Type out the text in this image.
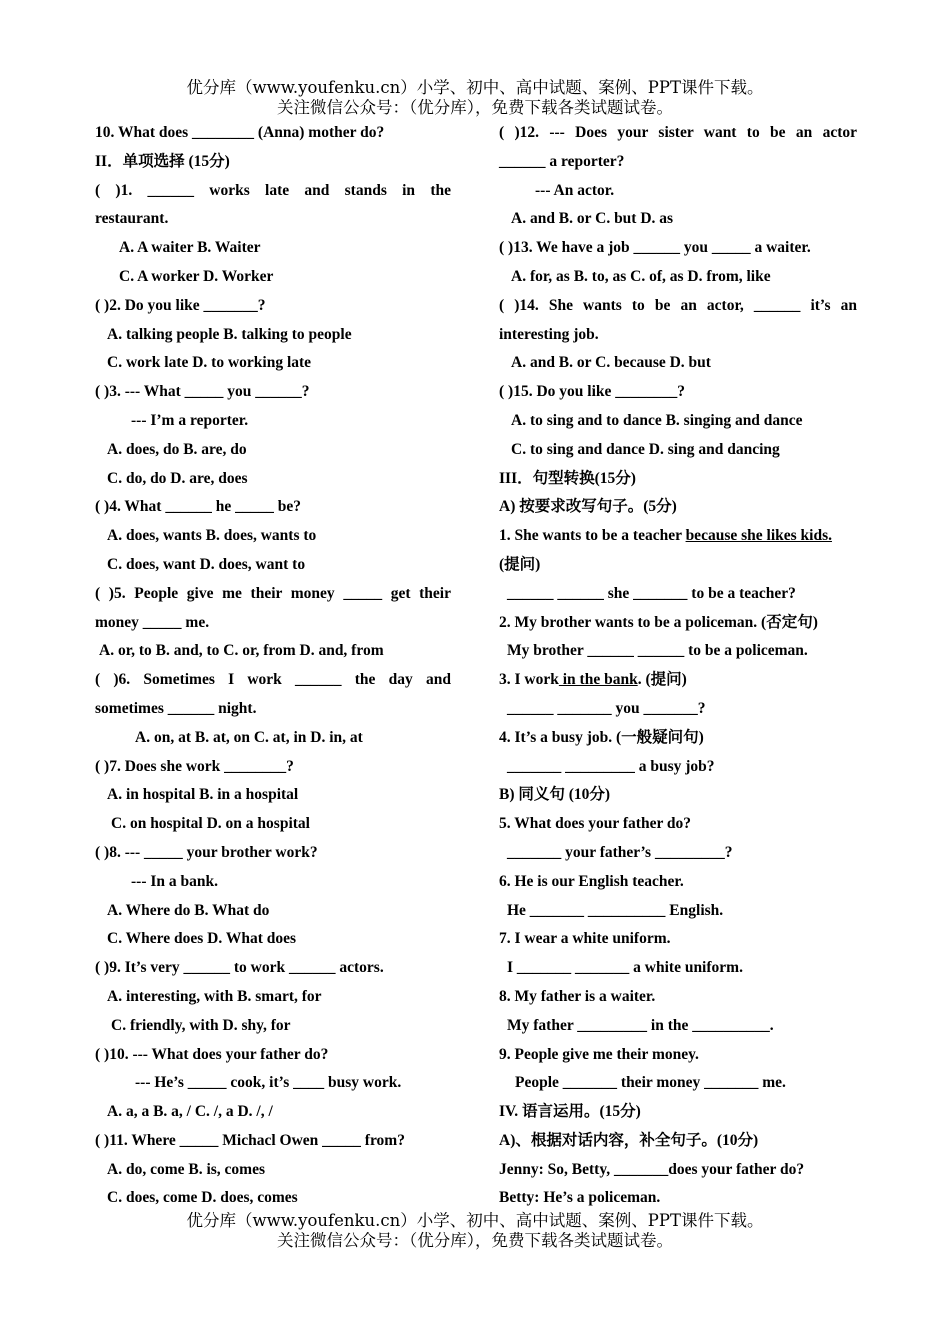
优分库（www.youfenku.cn）小学、初中、高中试题、案例、PPT课件下载。
关注微信公众号：（优分库），免费下载各类试题试卷。
10. What does ________ (Anna) mother do?
II．单项选择 (15分)
( )1. ______ works late and stands in the
restaurant.
A. A waiter B. Waiter
C. A worker D. Worker
( )2. Do you like _______?
A. talking people B. talking to people
C. work late D. to working late
( )3. --- What _____ you ______?
--- I’m a reporter.
A. does, do B. are, do
C. do, do D. are, does
( )4. What ______ he _____ be?
A. does, wants B. does, wants to
C. does, want D. does, want to
( )5. People give me their money _____ get their
money _____ me.
A. or, to B. and, to C. or, from D. and, from
( )6. Sometimes I work ______ the day and
sometimes ______ night.
A. on, at B. at, on C. at, in D. in, at
( )7. Does she work ________?
A. in hospital B. in a hospital
C. on hospital D. on a hospital
( )8. --- _____ your brother work?
--- In a bank.
A. Where do B. What do
C. Where does D. What does
( )9. It’s very ______ to work ______ actors.
A. interesting, with B. smart, for
C. friendly, with D. shy, for
( )10. --- What does your father do?
--- He’s _____ cook, it’s ____ busy work.
A. a, a B. a, / C. /, a D. /, /
( )11. Where _____ Michacl Owen _____ from?
A. do, come B. is, comes
C. does, come D. does, comes
( )12. --- Does your sister want to be an actor
______ a reporter?
--- An actor.
A. and B. or C. but D. as
( )13. We have a job ______ you _____ a waiter.
A. for, as B. to, as C. of, as D. from, like
( )14. She wants to be an actor, ______ it’s an
interesting job.
A. and B. or C. because D. but
( )15. Do you like ________?
A. to sing and to dance B. singing and dance
C. to sing and dance D. sing and dancing
III．句型转换(15分)
A) 按要求改写句子。(5分)
1. She wants to be a teacher because she likes kids.
(提问)
______ ______ she _______ to be a teacher?
2. My brother wants to be a policeman. (否定句)
My brother ______ ______ to be a policeman.
3. I work in the bank. (提问)
______ _______ you _______?
4. It’s a busy job. (一般疑问句)
_______ _________ a busy job?
B) 同义句 (10分)
5. What does your father do?
_______ your father’s _________?
6. He is our English teacher.
He _______ __________ English.
7. I wear a white uniform.
I _______ _______ a white uniform.
8. My father is a waiter.
My father _________ in the __________.
9. People give me their money.
People _______ their money _______ me.
IV. 语言运用。(15分)
A)、根据对话内容，补全句子。(10分)
Jenny: So, Betty, _______does your father do?
Betty: He’s a policeman.
优分库（www.youfenku.cn）小学、初中、高中试题、案例、PPT课件下载。
关注微信公众号：（优分库），免费下载各类试题试卷。
